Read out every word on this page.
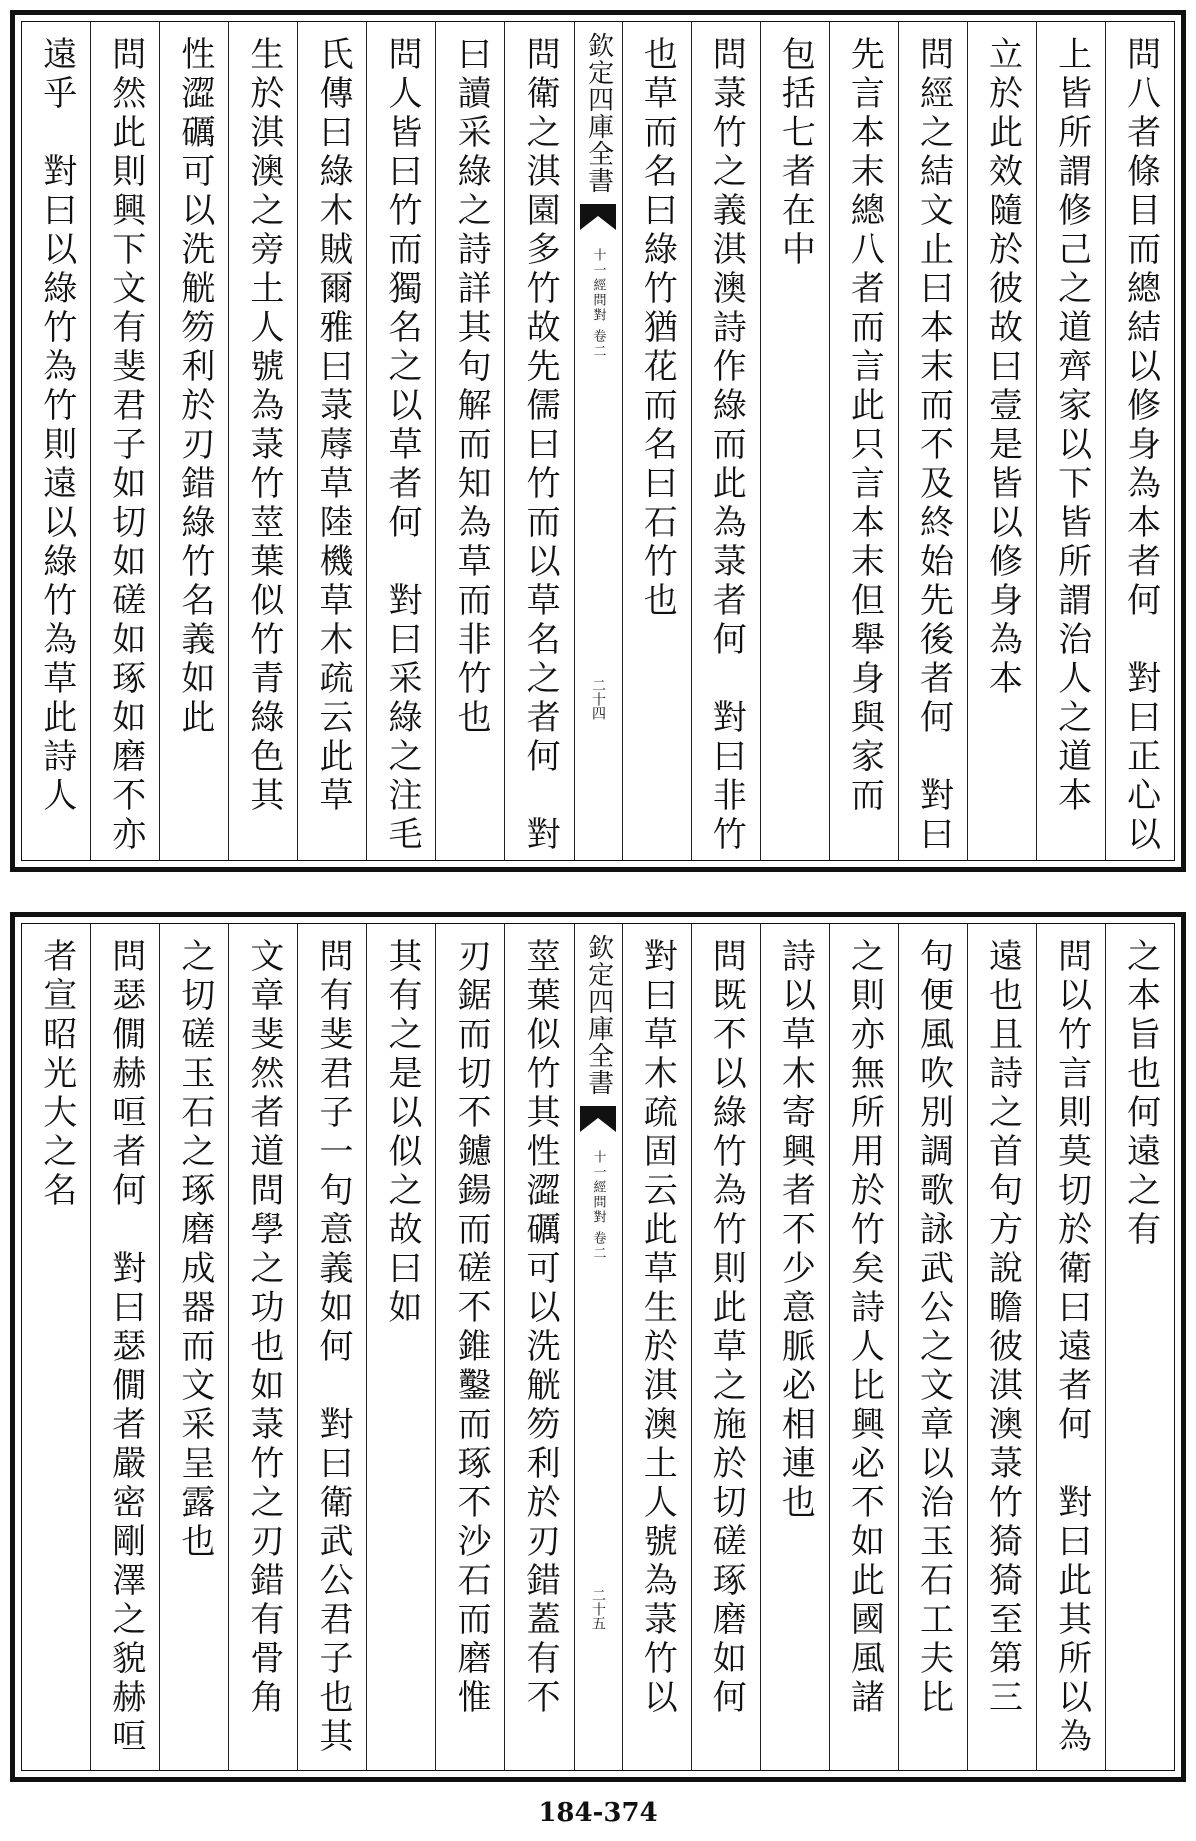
問八者條目而總結以修身為本者何　對曰正心以
上皆所謂修己之道齊家以下皆所謂治人之道本
立於此效隨於彼故曰壹是皆以修身為本
問經之結文止曰本末而不及終始先後者何　對曰
先言本末總八者而言此只言本末但舉身與家而
包括七者在中
問菉竹之義淇澳詩作綠而此為菉者何　對曰非竹
也草而名曰綠竹猶花而名曰石竹也
欽定四庫全書
十一經問對 卷二
二十四
問衛之淇園多竹故先儒曰竹而以草名之者何　對
曰讀采綠之詩詳其句解而知為草而非竹也
問人皆曰竹而獨名之以草者何　對曰采綠之注毛
氏傳曰綠木賊爾雅曰菉蓐草陸機草木疏云此草
生於淇澳之旁土人號為菉竹莖葉似竹青綠色其
性澀礪可以洗觥笏利於刃錯綠竹名義如此
問然此則興下文有斐君子如切如磋如琢如磨不亦
遠乎　對曰以綠竹為竹則遠以綠竹為草此詩人
之本旨也何遠之有
問以竹言則莫切於衛曰遠者何　對曰此其所以為
遠也且詩之首句方說瞻彼淇澳菉竹猗猗至第三
句便風吹別調歌詠武公之文章以治玉石工夫比
之則亦無所用於竹矣詩人比興必不如此國風諸
詩以草木寄興者不少意脈必相連也
問既不以綠竹為竹則此草之施於切磋琢磨如何
對曰草木疏固云此草生於淇澳土人號為菉竹以
欽定四庫全書
十一經問對 卷二
二十五
莖葉似竹其性澀礪可以洗觥笏利於刃錯蓋有不
刃鋸而切不鑢鍚而磋不錐鑿而琢不沙石而磨惟
其有之是以似之故曰如
問有斐君子一句意義如何　對曰衛武公君子也其
文章斐然者道問學之功也如菉竹之刃錯有骨角
之切磋玉石之琢磨成器而文采呈露也
問瑟僩赫咺者何　對曰瑟僩者嚴密剛澤之貌赫咺
者宣昭光大之名
184-374
